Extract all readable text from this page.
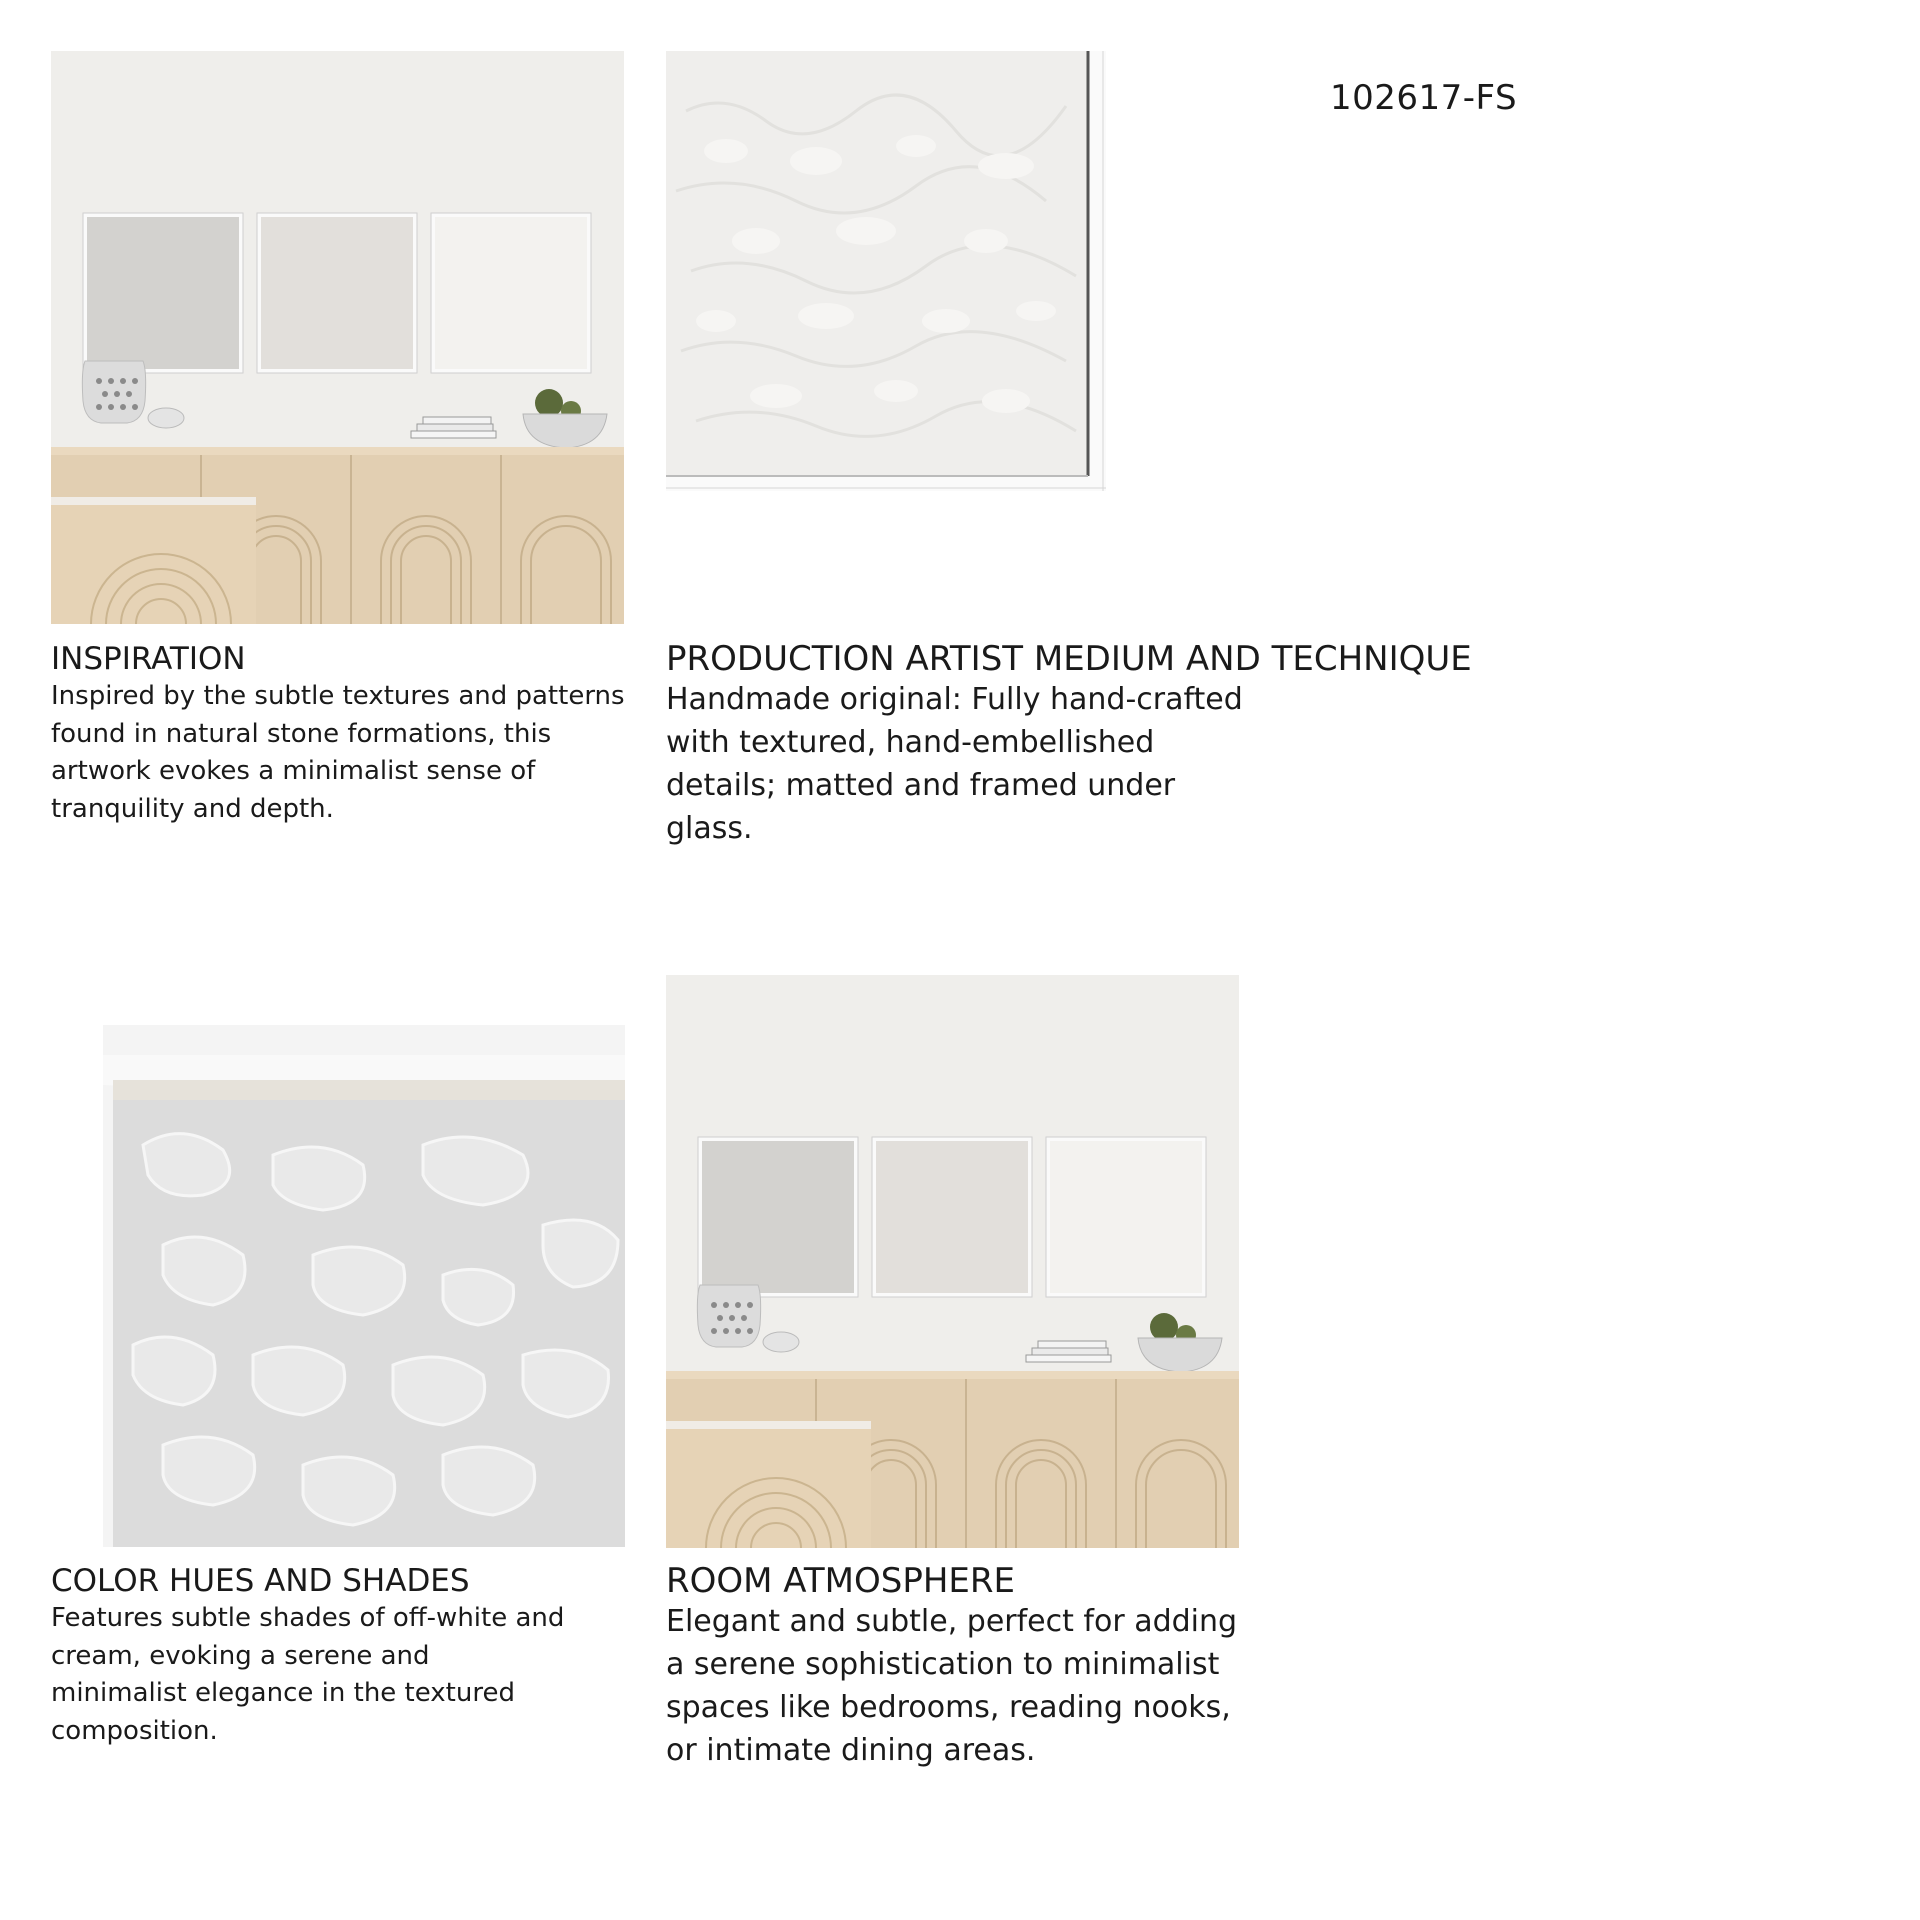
102617-FS
INSPIRATION
Inspired by the subtle textures and patterns found in natural stone formations, this artwork evokes a minimalist sense of tranquility and depth.
PRODUCTION ARTIST MEDIUM AND TECHNIQUE
Handmade original: Fully hand-crafted with textured, hand-embellished details; matted and framed under glass.
COLOR HUES AND SHADES
Features subtle shades of off-white and cream, evoking a serene and minimalist elegance in the textured composition.
ROOM ATMOSPHERE
Elegant and subtle, perfect for adding a serene sophistication to minimalist spaces like bedrooms, reading nooks, or intimate dining areas.
